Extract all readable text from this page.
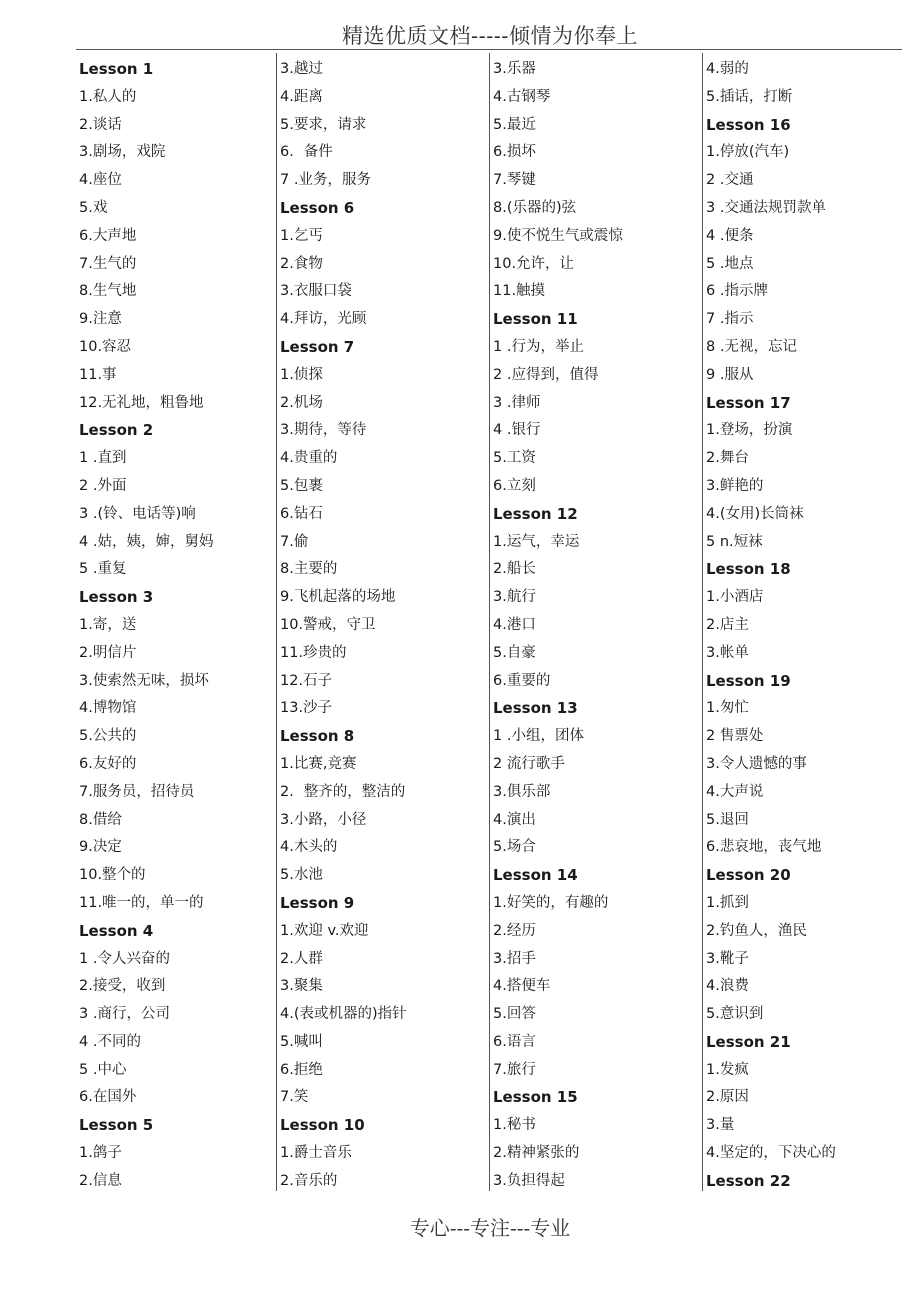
精选优质文档-----倾情为你奉上
Lesson 1
1.私人的
2.谈话
3.剧场，戏院
4.座位
5.戏
6.大声地
7.生气的
8.生气地
9.注意
10.容忍
11.事
12.无礼地，粗鲁地
Lesson 2
1 .直到
2 .外面
3 .(铃、电话等)响
4 .姑，姨，婶，舅妈
5 .重复
Lesson 3
1.寄，送
2.明信片
3.使索然无味，损坏
4.博物馆
5.公共的
6.友好的
7.服务员，招待员
8.借给
9.决定
10.整个的
11.唯一的，单一的
Lesson 4
1 .令人兴奋的
2.接受，收到
3 .商行，公司
4 .不同的
5 .中心
6.在国外
Lesson 5
1.鸽子
2.信息
3.越过
4.距离
5.要求，请求
6．备件
7 .业务，服务
Lesson 6
1.乞丐
2.食物
3.衣服口袋
4.拜访，光顾
Lesson 7
1.侦探
2.机场
3.期待，等待
4.贵重的
5.包裹
6.钻石
7.偷
8.主要的
9.飞机起落的场地
10.警戒，守卫
11.珍贵的
12.石子
13.沙子
Lesson 8
1.比赛,竞赛
2．整齐的，整洁的
3.小路，小径
4.木头的
5.水池
Lesson 9
1.欢迎 v.欢迎
2.人群
3.聚集
4.(表或机器的)指针
5.喊叫
6.拒绝
7.笑
Lesson 10
1.爵士音乐
2.音乐的
3.乐器
4.古钢琴
5.最近
6.损坏
7.琴键
8.(乐器的)弦
9.使不悦生气或震惊
10.允许，让
11.触摸
Lesson 11
1 .行为，举止
2 .应得到，值得
3 .律师
4 .银行
5.工资
6.立刻
Lesson 12
1.运气，幸运
2.船长
3.航行
4.港口
5.自豪
6.重要的
Lesson 13
1 .小组，团体
2 流行歌手
3.俱乐部
4.演出
5.场合
Lesson 14
1.好笑的，有趣的
2.经历
3.招手
4.搭便车
5.回答
6.语言
7.旅行
Lesson 15
1.秘书
2.精神紧张的
3.负担得起
4.弱的
5.插话，打断
Lesson 16
1.停放(汽车)
2 .交通
3 .交通法规罚款单
4 .便条
5 .地点
6 .指示牌
7 .指示
8 .无视，忘记
9 .服从
Lesson 17
1.登场，扮演
2.舞台
3.鲜艳的
4.(女用)长筒袜
5 n.短袜
Lesson 18
1.小酒店
2.店主
3.帐单
Lesson 19
1.匆忙
2 售票处
3.令人遗憾的事
4.大声说
5.退回
6.悲哀地，丧气地
Lesson 20
1.抓到
2.钓鱼人，渔民
3.靴子
4.浪费
5.意识到
Lesson 21
1.发疯
2.原因
3.量
4.坚定的，下决心的
Lesson 22
专心---专注---专业
